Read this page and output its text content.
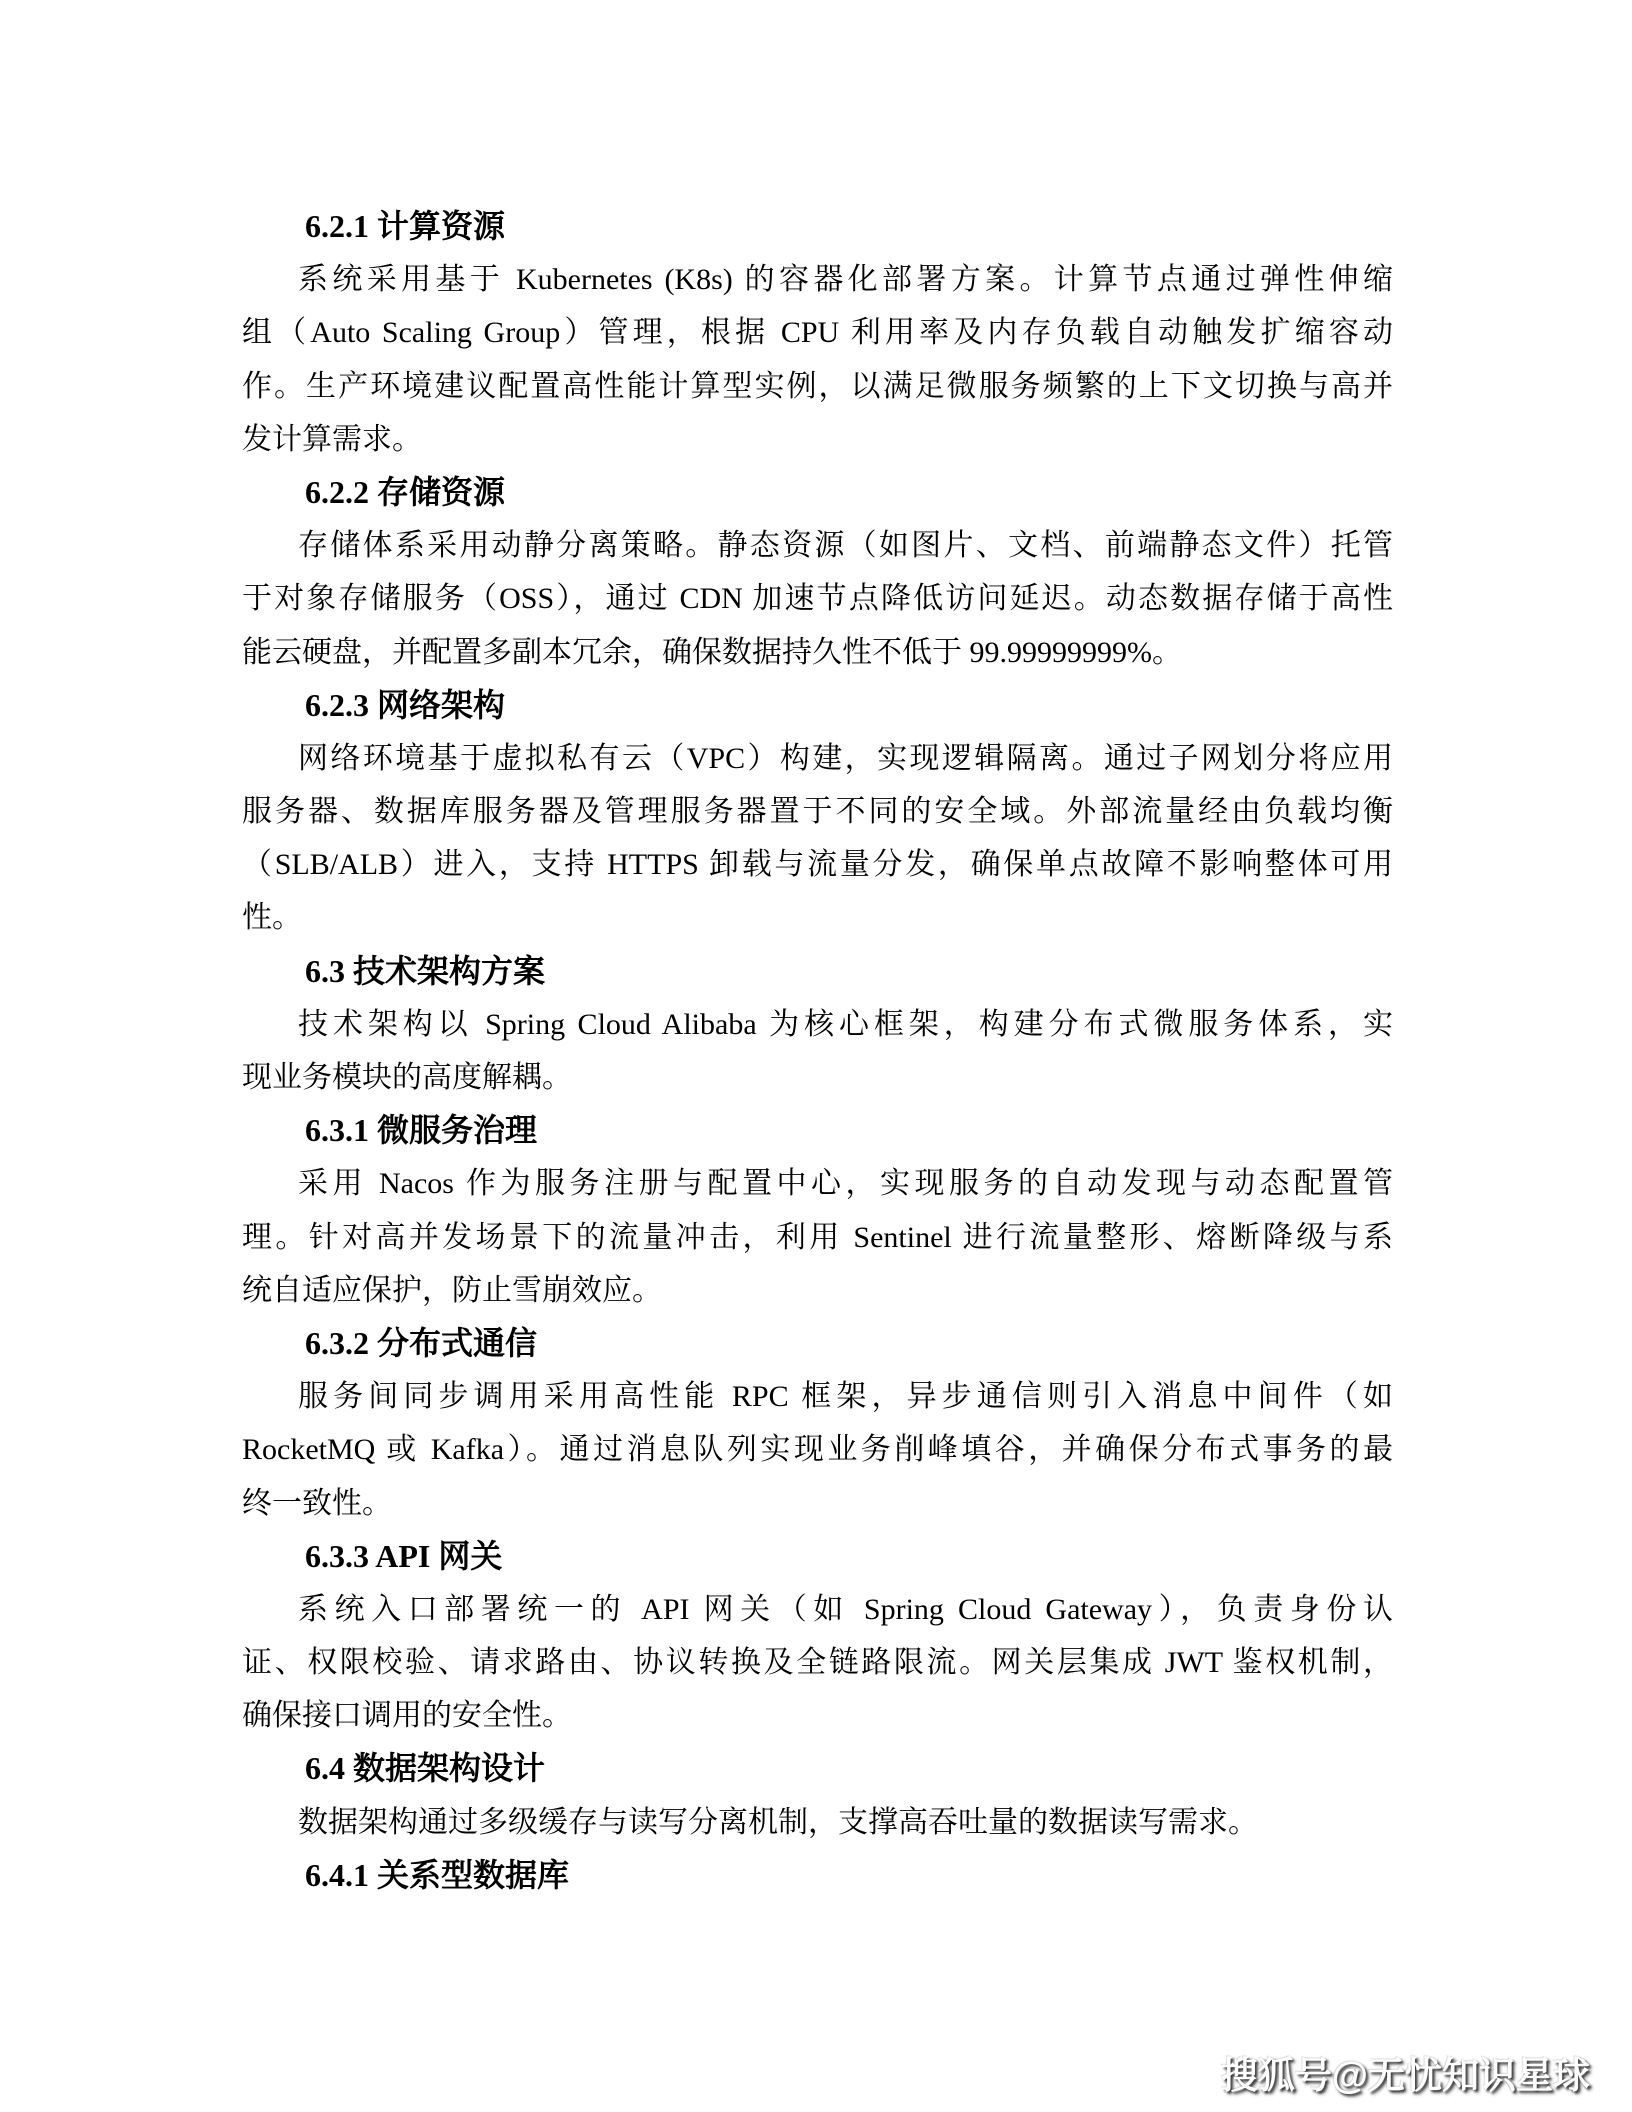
6.2.1 计算资源
系统采用基于 Kubernetes (K8s) 的容器化部署方案。计算节点通过弹性伸缩
组（Auto Scaling Group）管理，根据 CPU 利用率及内存负载自动触发扩缩容动
作。生产环境建议配置高性能计算型实例，以满足微服务频繁的上下文切换与高并
发计算需求。
6.2.2 存储资源
存储体系采用动静分离策略。静态资源（如图片、文档、前端静态文件）托管
于对象存储服务（OSS），通过 CDN 加速节点降低访问延迟。动态数据存储于高性
能云硬盘，并配置多副本冗余，确保数据持久性不低于 99.99999999%。
6.2.3 网络架构
网络环境基于虚拟私有云（VPC）构建，实现逻辑隔离。通过子网划分将应用
服务器、数据库服务器及管理服务器置于不同的安全域。外部流量经由负载均衡
（SLB/ALB）进入，支持 HTTPS 卸载与流量分发，确保单点故障不影响整体可用
性。
6.3 技术架构方案
技术架构以 Spring Cloud Alibaba 为核心框架，构建分布式微服务体系，实
现业务模块的高度解耦。
6.3.1 微服务治理
采用 Nacos 作为服务注册与配置中心，实现服务的自动发现与动态配置管
理。针对高并发场景下的流量冲击，利用 Sentinel 进行流量整形、熔断降级与系
统自适应保护，防止雪崩效应。
6.3.2 分布式通信
服务间同步调用采用高性能 RPC 框架，异步通信则引入消息中间件（如
RocketMQ 或 Kafka）。通过消息队列实现业务削峰填谷，并确保分布式事务的最
终一致性。
6.3.3 API 网关
系统入口部署统一的 API 网关（如 Spring Cloud Gateway），负责身份认
证、权限校验、请求路由、协议转换及全链路限流。网关层集成 JWT 鉴权机制，
确保接口调用的安全性。
6.4 数据架构设计
数据架构通过多级缓存与读写分离机制，支撑高吞吐量的数据读写需求。
6.4.1 关系型数据库
搜狐号@无忧知识星球
